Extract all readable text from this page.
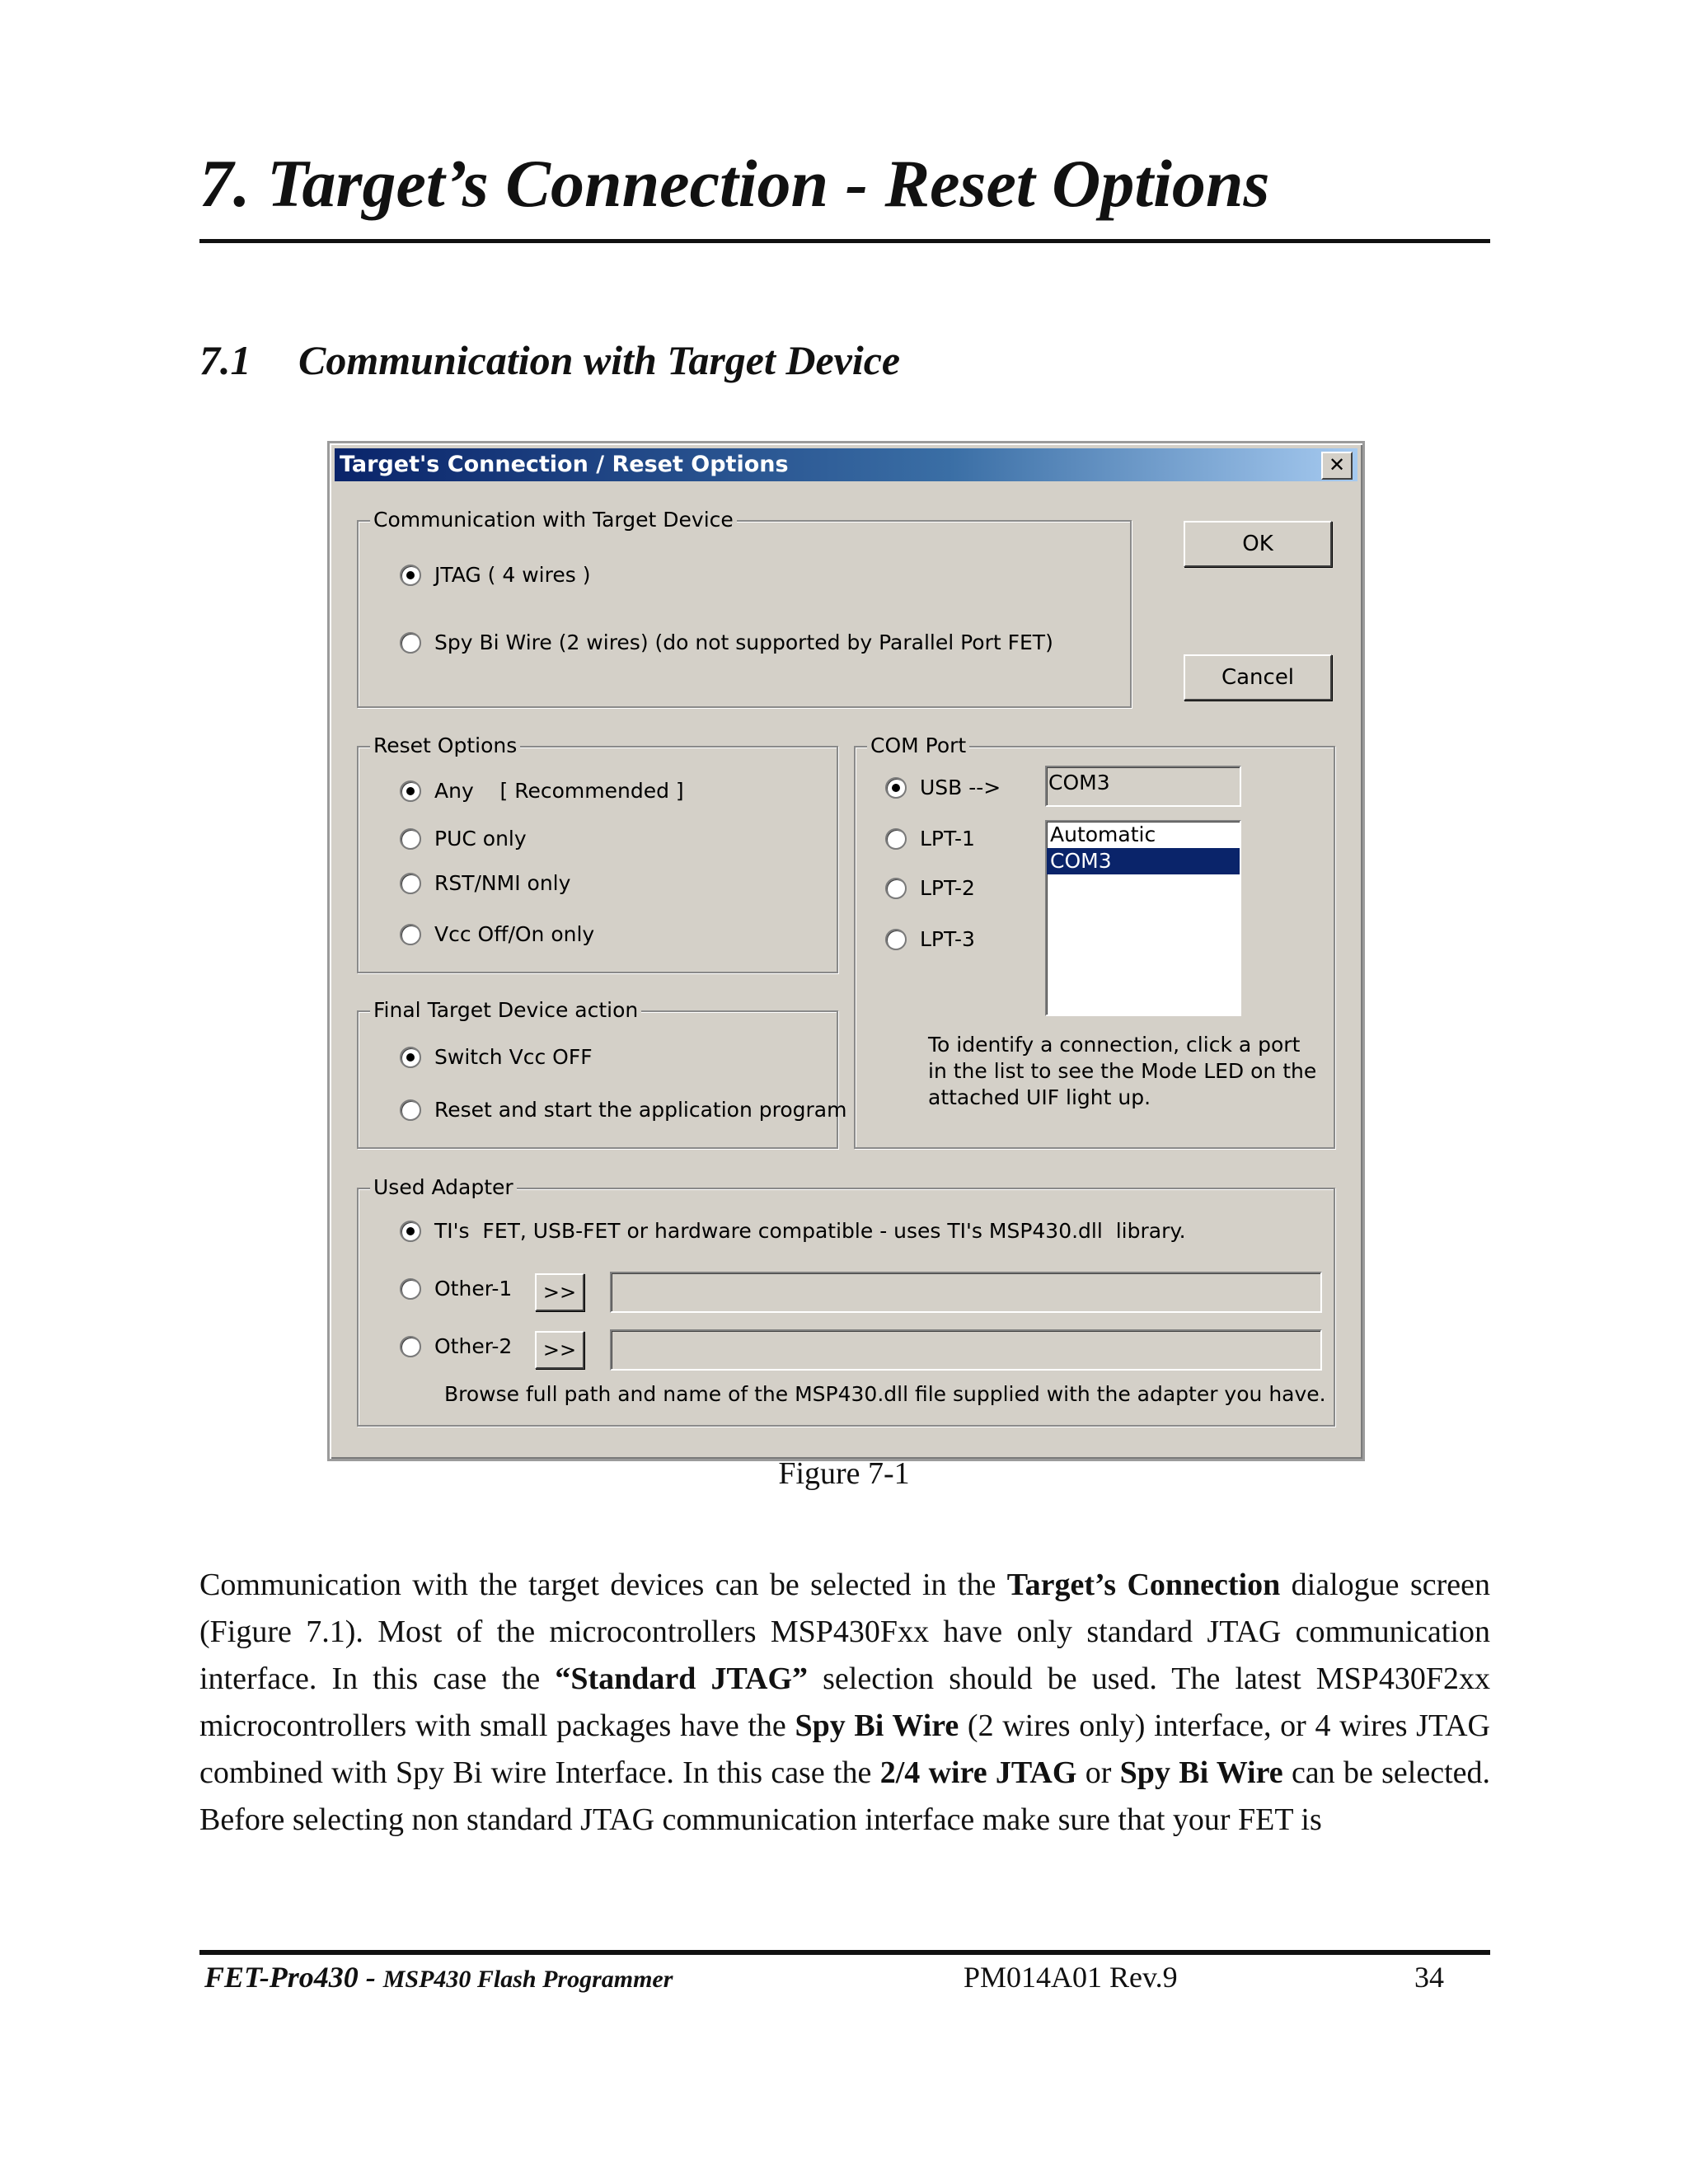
7. Target’s Connection - Reset Options
7.1 Communication with Target Device
Target's Connection / Reset Options	✕
Communication with Target Device
JTAG ( 4 wires )
Spy Bi Wire (2 wires) (do not supported by Parallel Port FET)
OK
Cancel
Reset Options
Any    [ Recommended ]
PUC only
RST/NMI only
Vcc Off/On only
Final Target Device action
Switch Vcc OFF
Reset and start the application program
COM Port
USB -->
LPT-1
LPT-2
LPT-3
COM3
Automatic
COM3
To identify a connection, click a port in the list to see the Mode LED on the attached UIF light up.
Used Adapter
TI's  FET, USB-FET or hardware compatible - uses TI's MSP430.dll  library.
Other-1	>>
Other-2	>>
Browse full path and name of the MSP430.dll file supplied with the adapter you have.
Figure 7-1

Communication with the target devices can be selected in the Target’s Connection dialogue screen (Figure 7.1). Most of the microcontrollers MSP430Fxx have only standard JTAG communication interface. In this case the “Standard JTAG” selection should be used. The latest MSP430F2xx microcontrollers with small packages have the Spy Bi Wire (2 wires only) interface, or 4 wires JTAG combined with Spy Bi wire Interface. In this case the 2/4 wire JTAG or Spy Bi Wire can be selected. Before selecting non standard JTAG communication interface make sure that your FET is

FET-Pro430 - MSP430 Flash Programmer	PM014A01 Rev.9	34
